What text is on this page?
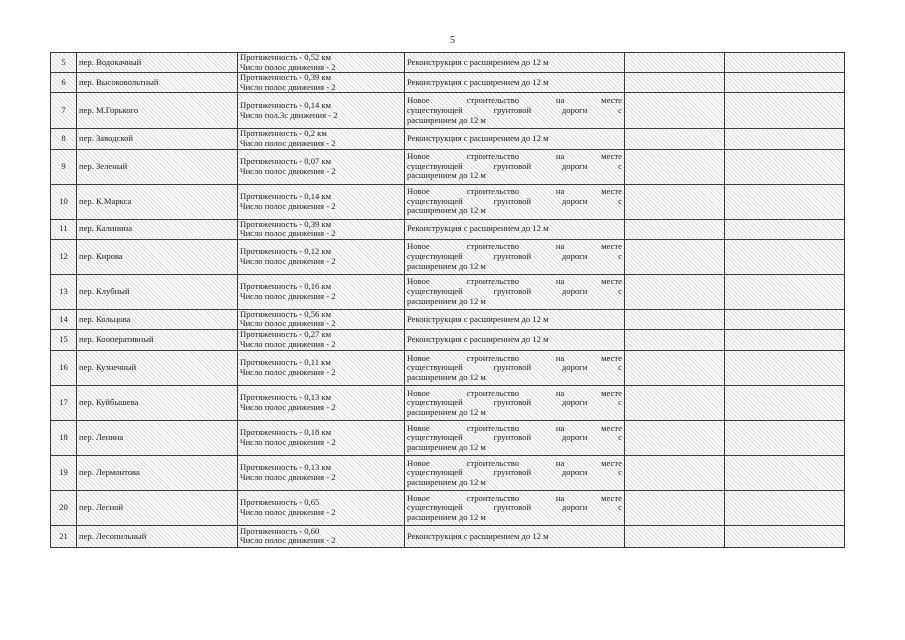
5
5	пер. Водокачный	Протяженность - 0,52 км
Число полос движения - 2	Реконструкция с расширением до 12 м		

6	пер. Высоковольтный	Протяженность - 0,39 км
Число полос движения - 2	Реконструкция с расширением до 12 м		

7	пер. М.Горького	Протяженность - 0,14 км
Число пол.3с движения - 2	Новое строительство на месте
существующей грунтовой дороги с
расширением до 12 м		

8	пер. Заводской	Протяженность - 0,2 км
Число полос движения - 2	Реконструкция с расширением до 12 м		

9	пер. Зеленый	Протяженность - 0,07 км
Число полос движения - 2	Новое строительство на месте
существующей грунтовой дороги с
расширением до 12 м		

10	пер. К.Маркса	Протяженность - 0,14 км
Число полос движения - 2	Новое строительство на месте
существующей грунтовой дороги с
расширением до 12 м		

11	пер. Калинина	Протяженность - 0,39 км
Число полос движения - 2	Реконструкция с расширением до 12 м		

12	пер. Кирова	Протяженность - 0,12 км
Число полос движения - 2	Новое строительство на месте
существующей грунтовой дороги с
расширением до 12 м		

13	пер. Клубный	Протяженность - 0,16 км
Число полос движения - 2	Новое строительство на месте
существующей грунтовой дороги с
расширением до 12 м		

14	пер. Кольцова	Протяженность - 0,56 км
Число полос движения - 2	Реконструкция с расширением до 12 м		

15	пер. Кооперативный	Протяженность - 0,27 км
Число полос движения - 2	Реконструкция с расширением до 12 м		

16	пер. Кузнечный	Протяженность - 0,11 км
Число полос движения - 2	Новое строительство на месте
существующей грунтовой дороги с
расширением до 12 м		

17	пер. Куйбышева	Протяженность - 0,13 км
Число полос движения - 2	Новое строительство на месте
существующей грунтовой дороги с
расширением до 12 м		

18	пер. Ленина	Протяженность - 0,18 км
Число полос движения - 2	Новое строительство на месте
существующей грунтовой дороги с
расширением до 12 м		

19	пер. Лермонтова	Протяженность - 0,13 км
Число полос движения - 2	Новое строительство на месте
существующей грунтовой дороги с
расширением до 12 м		

20	пер. Лесной	Протяженность - 0,65
Число полос движения - 2	Новое строительство на месте
существующей грунтовой дороги с
расширением до 12 м		

21	пер. Лесопильный	Протяженность - 0,60
Число полос движения - 2	Реконструкция с расширением до 12 м		
